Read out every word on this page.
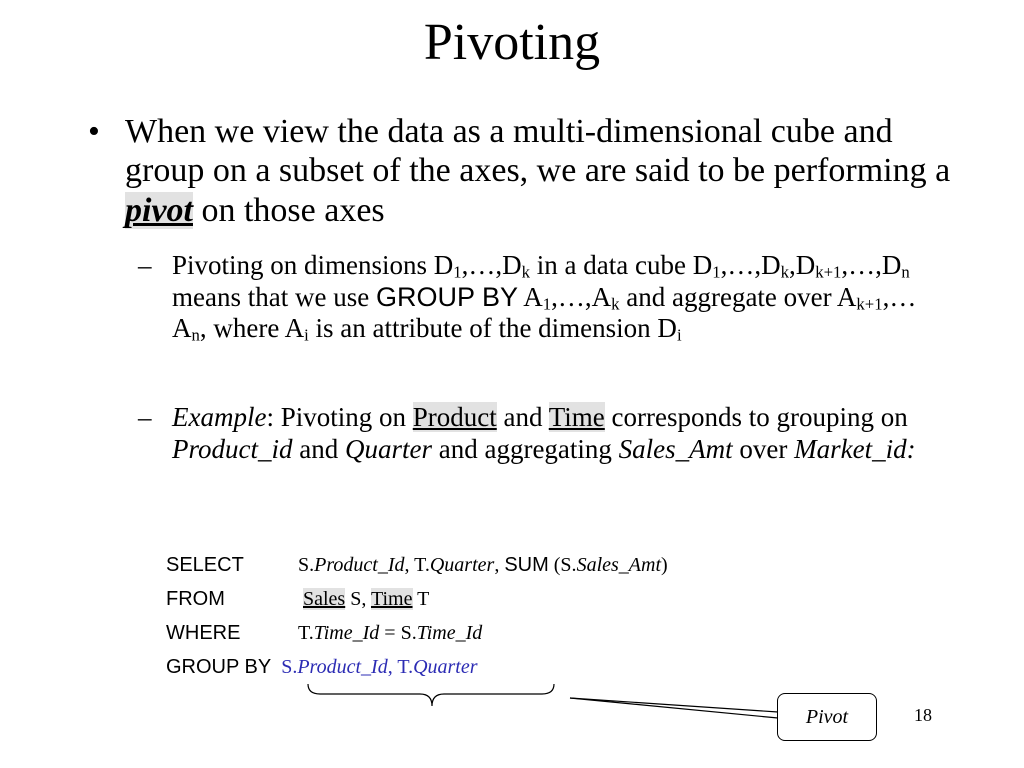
Pivoting
• When we view the data as a multi-dimensional cube and group on a subset of the axes, we are said to be performing a pivot on those axes
– Pivoting on dimensions $D_1,\dots,D_k$ in a data cube $D_1,\dots,D_k,D_{k+1},\dots,D_n$ means that we use GROUP BY $A_1,\dots,A_k$ and aggregate over $A_{k+1},\dots A_n$, where $A_i$ is an attribute of the dimension $D_i$
– Example: Pivoting on Product and Time corresponds to grouping on Product_id and Quarter and aggregating Sales_Amt over Market_id:
SELECT	S.Product_Id, T.Quarter, SUM (S.Sales_Amt)
FROM	Sales S, Time T
WHERE	T.Time_Id = S.Time_Id
GROUP BY S.Product_Id, T.Quarter
Pivot	18
